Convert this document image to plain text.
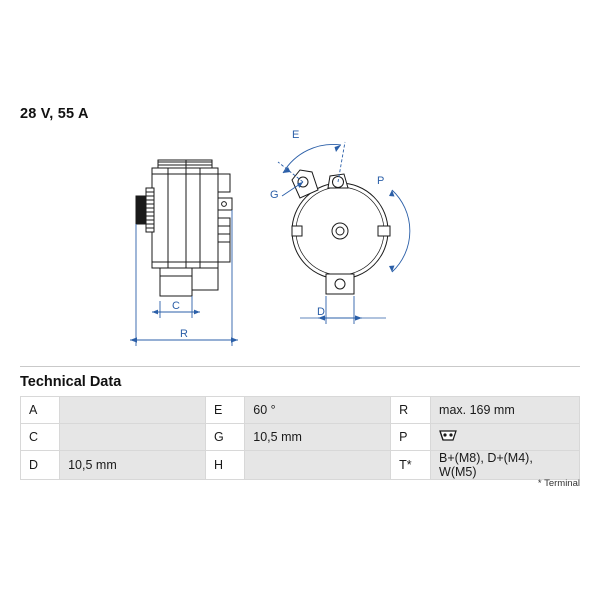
28 V, 55 A
C
R
E
G
P
D
Technical Data
A		E	60 °	R	max. 169 mm
C		G	10,5 mm	P	
D	10,5 mm	H		T*	B+(M8), D+(M4), W(M5)
* Terminal
